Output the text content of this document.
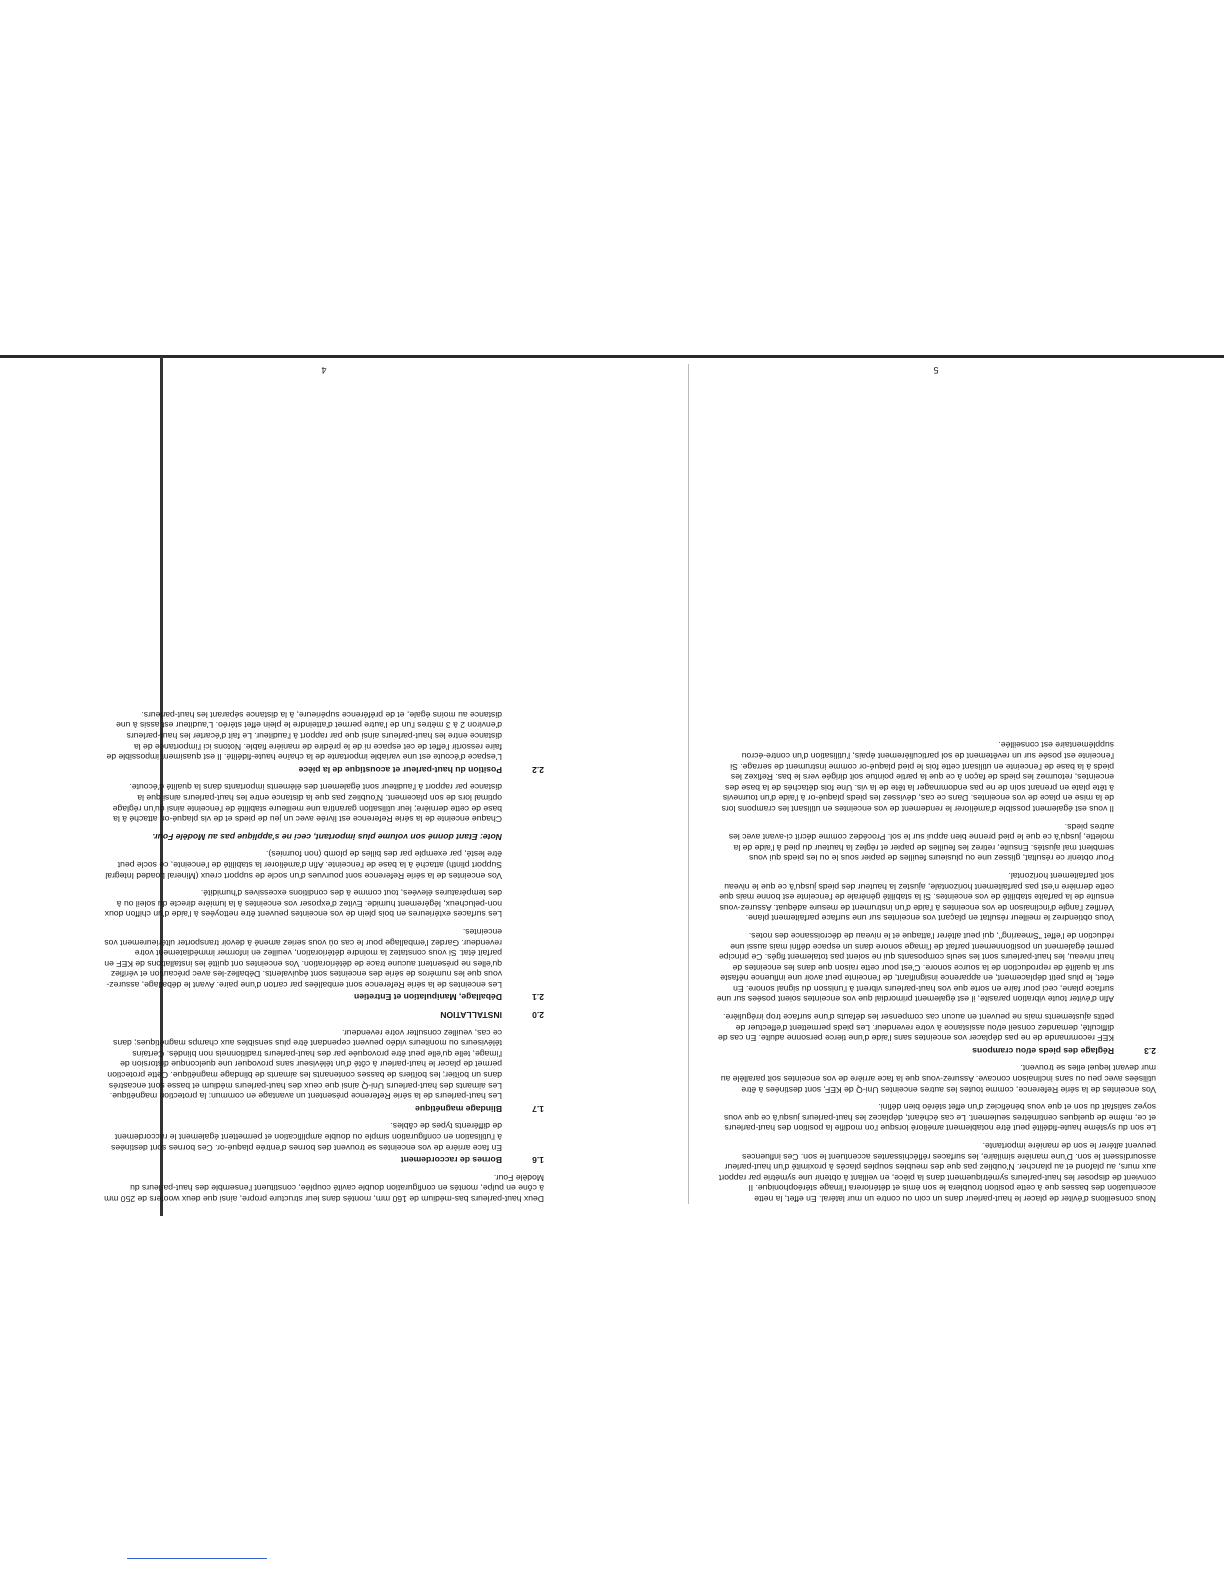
Deux haut-parleurs bas-médium de 160 mm, montés dans leur structure propre, ainsi que deux woofers de 250 mm à cône en pulpe, montés en configuration double cavité couplée, constituent l'ensemble des haut-parleurs du Modèle Four.

1.6
Bornes de raccordement

En face arrière de vos enceintes se trouvent des bornes d'entrée plaqué-or. Ces bornes sont destinées à l'utilisation en configuration simple ou double amplification et permettent également le raccordement de différents types de câbles.

1.7
Blindage magnétique

Les haut-parleurs de la série Reference présentent un avantage en commun: la protection magnétique. Les aimants des haut-parleurs Uni-Q ainsi que ceux des haut-parleurs médium et basse sont encastrés dans un boîtier; les boîtiers de basses contenants les aimants de blindage magnétique. Cette protection permet de placer le haut-parleur à côté d'un téléviseur sans provoquer une quelconque distorsion de l'image, telle qu'elle peut être provoquée par des haut-parleurs traditionnels non blindés. Certains téléviseurs ou moniteurs vidéo peuvent cependant être plus sensibles aux champs magnétiques; dans ce cas, veuillez consulter votre revendeur.

2.0
INSTALLATION
2.1
Déballage, Manipulation et Entretien

Les enceintes de la série Reference sont emballées par carton d'une paire. Avant le déballage, assurez-vous que les numéros de série des enceintes sont équivalents. Déballez-les avec précaution et vérifiez qu'elles ne présentent aucune trace de détérioration. Vos enceintes ont quitté les installations de KEF en parfait état. Si vous constatez la moindre détérioration, veuillez en informer immédiatement votre revendeur. Gardez l'emballage pour le cas où vous seriez amené à devoir transporter ultérieurement vos enceintes.

Les surfaces extérieures en bois plein de vos enceintes peuvent être nettoyées à l'aide d'un chiffon doux non-pelucheux, légèrement humide. Evitez d'exposer vos enceintes à la lumière directe du soleil ou à des températures élevées, tout comme à des conditions excessives d'humidité.

Vos enceintes de la série Reference sont pourvues d'un socle de support creux (Mineral Loaded Integral Support plinth) attaché à la base de l'enceinte. Afin d'améliorer la stabilité de l'enceinte, ce socle peut être lesté, par exemple par des billes de plomb (non fournies).

Note: Etant donné son volume plus important, ceci ne s'applique pas au Modèle Four.

Chaque enceinte de la série Reference est livrée avec un jeu de pieds et de vis plaqué-or, attaché à la base de cette dernière; leur utilisation garantira une meilleure stabilité de l'enceinte ainsi qu'un réglage optimal lors de son placement. N'oubliez pas que la distance entre les haut-parleurs ainsi que la distance par rapport à l'auditeur sont également des éléments importants dans la qualité d'écoute.

2.2
Position du haut-parleur et acoustique de la pièce

L'espace d'écoute est une variable importante de la chaîne haute-fidélité. Il est quasiment impossible de faire ressortir l'effet de cet espace ni de le prédire de manière fiable. Notons ici l'importance de la distance entre les haut-parleurs ainsi que par rapport à l'auditeur. Le fait d'écarter les haut-parleurs d'environ 2 à 3 mètres l'un de l'autre permet d'atteindre le plein effet stéréo. L'auditeur est assis à une distance au moins égale, et de préférence supérieure, à la distance séparant les haut-parleurs.

4

Nous conseillons d'éviter de placer le haut-parleur dans un coin ou contre un mur latéral. En effet, la nette accentuation des basses que à cette position troublera le son émis et détériorera l'image stéréophonique. Il convient de disposer les haut-parleurs symétriquement dans la pièce, en veillant à obtenir une symétrie par rapport aux murs, au plafond et au plancher. N'oubliez pas que des meubles souples placés à proximité d'un haut-parleur assourdissent le son. D'une manière similaire, les surfaces réfléchissantes accentuent le son. Ces influences peuvent altérer le son de manière importante.

Le son du système haute-fidélité peut être notablement amélioré lorsque l'on modifie la position des haut-parleurs et ce, même de quelques centimètres seulement. Le cas échéant, déplacez les haut-parleurs jusqu'à ce que vous soyez satisfait du son et que vous bénéficiez d'un effet stéréo bien défini.

Vos enceintes de la série Reference, comme toutes les autres enceintes Uni-Q de KEF, sont destinées à être utilisées avec peu ou sans inclinaison concave. Assurez-vous que la face arrière de vos enceintes soit parallèle au mur devant lequel elles se trouvent.

2.3
Réglage des pieds et/ou crampons

KEF recommande de ne pas déplacer vos enceintes sans l'aide d'une tierce personne adulte. En cas de difficulté, demandez conseil et/ou assistance à votre revendeur. Les pieds permettent d'effectuer de petits ajustements mais ne peuvent en aucun cas compenser les défauts d'une surface trop irrégulière.

Afin d'éviter toute vibration parasite, il est également primordial que vos enceintes soient posées sur une surface plane, ceci pour faire en sorte que vos haut-parleurs vibrent à l'unisson du signal sonore. En effet, le plus petit déplacement, en apparence insignifiant, de l'enceinte peut avoir une influence néfaste sur la qualité de reproduction de la source sonore. C'est pour cette raison que dans les enceintes de haut niveau, les haut-parleurs sont les seuls composants qui ne soient pas totalement figés. Ce principe permet également un positionnement parfait de l'image sonore dans un espace défini mais aussi une réduction de l'effet "Smearing", qui peut altérer l'attaque et le niveau de décroissance des notes.

Vous obtiendrez le meilleur résultat en plaçant vos enceintes sur une surface parfaitement plane. Vérifiez l'angle d'inclinaison de vos enceintes à l'aide d'un instrument de mesure adéquat. Assurez-vous ensuite de la parfaite stabilité de vos enceintes. Si la stabilité générale de l'enceinte est bonne mais que cette dernière n'est pas parfaitement horizontale, ajustez la hauteur des pieds jusqu'à ce que le niveau soit parfaitement horizontal.

Pour obtenir ce résultat, glissez une ou plusieurs feuilles de papier sous le ou les pieds qui vous semblent mal ajustés. Ensuite, retirez les feuilles de papier et réglez la hauteur du pied à l'aide de la molette, jusqu'à ce que le pied prenne bien appui sur le sol. Procédez comme décrit ci-avant avec les autres pieds.

Il vous est également possible d'améliorer le rendement de vos enceintes en utilisant les crampons lors de la mise en place de vos enceintes. Dans ce cas, dévissez les pieds plaqué-or à l'aide d'un tournevis à tête plate en prenant soin de ne pas endommager la tête de la vis. Une fois détachés de la base des enceintes, retournez les pieds de façon à ce que la partie pointue soit dirigée vers le bas. Refixez les pieds à la base de l'enceinte en utilisant cette fois le pied plaqué-or comme instrument de serrage. Si l'enceinte est posée sur un revêtement de sol particulièrement épais, l'utilisation d'un contre-écrou supplémentaire est conseillée.

5
